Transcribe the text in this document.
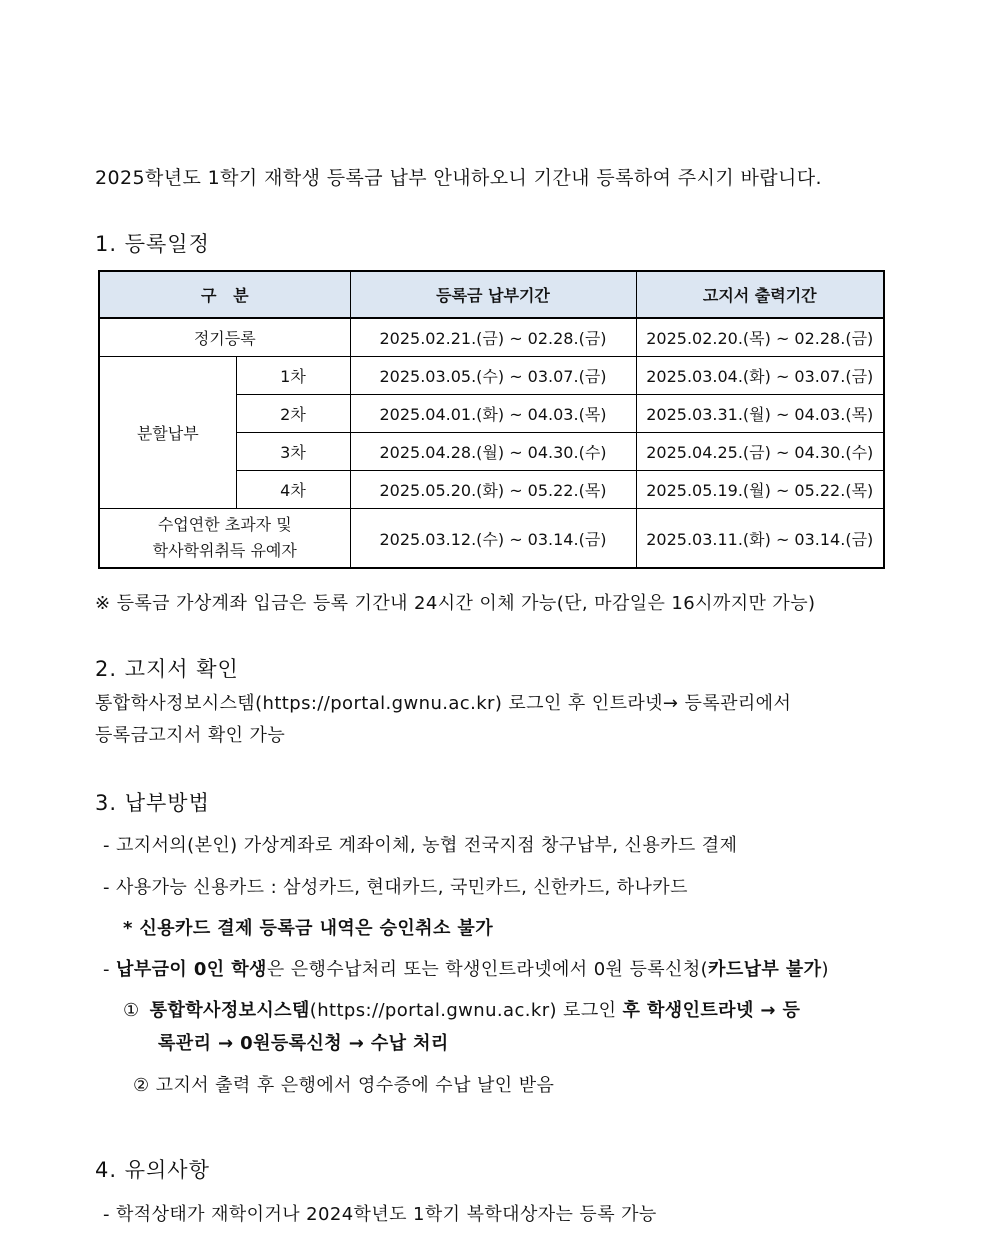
2025학년도 1학기 재학생 등록금 납부 안내하오니 기간내 등록하여 주시기 바랍니다.
1. 등록일정
구   분		등록금 납부기간	고지서 출력기간
정기등록		2025.02.21.(금) ~ 02.28.(금)	2025.02.20.(목) ~ 02.28.(금)
분할납부	1차	2025.03.05.(수) ~ 03.07.(금)	2025.03.04.(화) ~ 03.07.(금)
	2차	2025.04.01.(화) ~ 04.03.(목)	2025.03.31.(월) ~ 04.03.(목)
	3차	2025.04.28.(월) ~ 04.30.(수)	2025.04.25.(금) ~ 04.30.(수)
	4차	2025.05.20.(화) ~ 05.22.(목)	2025.05.19.(월) ~ 05.22.(목)

수업연한 초과자 및
학사학위취득 유예자		2025.03.12.(수) ~ 03.14.(금)	2025.03.11.(화) ~ 03.14.(금)
※ 등록금 가상계좌 입금은 등록 기간내 24시간 이체 가능(단, 마감일은 16시까지만 가능)
2. 고지서 확인
통합학사정보시스템(https://portal.gwnu.ac.kr) 로그인 후 인트라넷→ 등록관리에서
등록금고지서 확인 가능
3. 납부방법
- 고지서의(본인) 가상계좌로 계좌이체, 농협 전국지점 창구납부, 신용카드 결제
- 사용가능 신용카드 : 삼성카드, 현대카드, 국민카드, 신한카드, 하나카드
* 신용카드 결제 등록금 내역은 승인취소 불가
- 납부금이 0인 학생은 은행수납처리 또는 학생인트라넷에서 0원 등록신청(카드납부 불가)
① 통합학사정보시스템(https://portal.gwnu.ac.kr) 로그인 후 학생인트라넷 → 등
록관리 → 0원등록신청 → 수납 처리
② 고지서 출력 후 은행에서 영수증에 수납 날인 받음
4. 유의사항
- 학적상태가 재학이거나 2024학년도 1학기 복학대상자는 등록 가능
